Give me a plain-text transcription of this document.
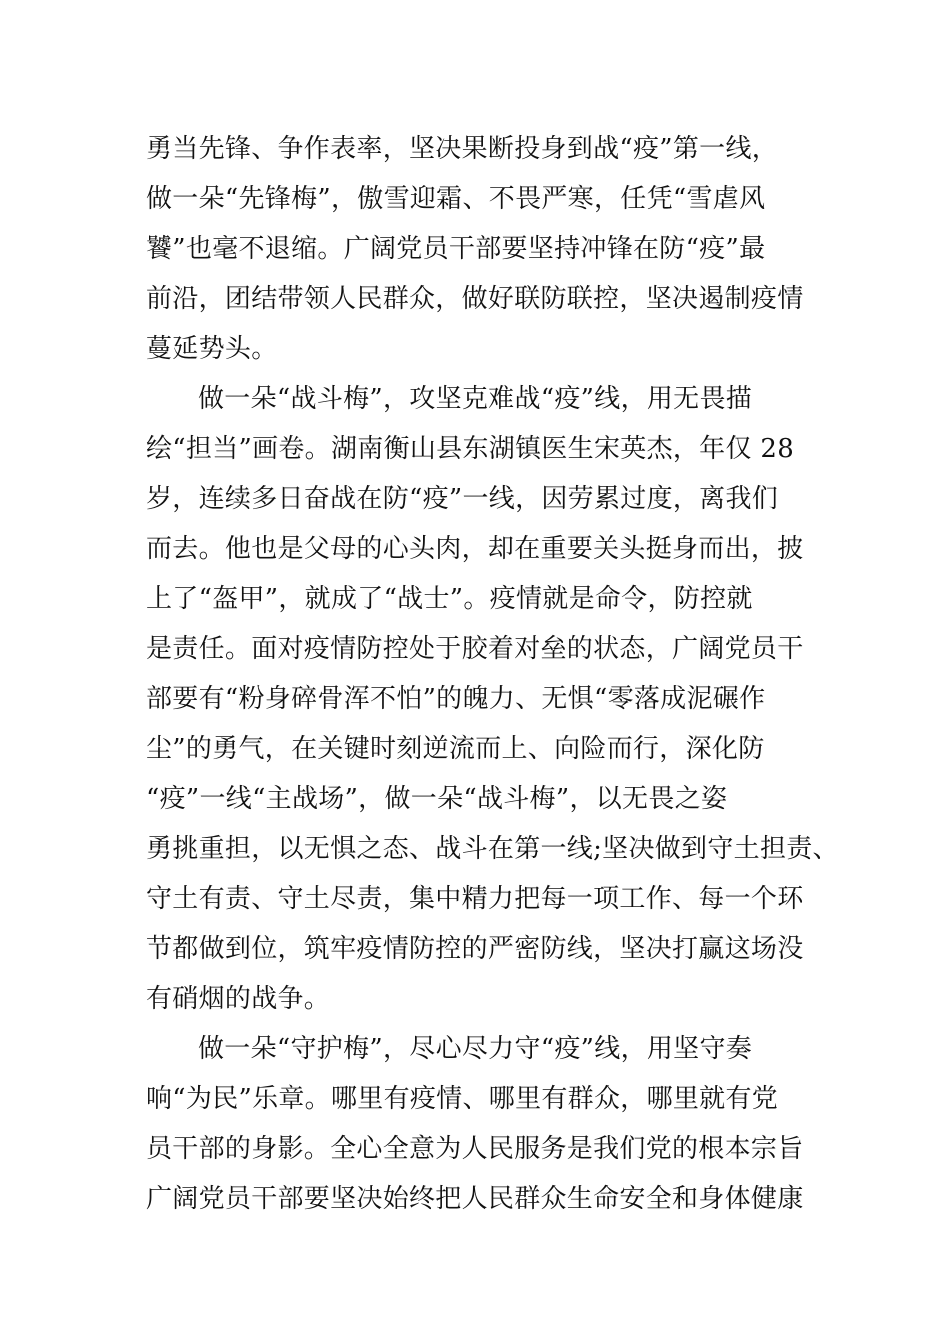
勇当先锋、争作表率，坚决果断投身到战“疫”第一线，
做一朵“先锋梅”，傲雪迎霜、不畏严寒，任凭“雪虐风
饕”也毫不退缩。广阔党员干部要坚持冲锋在防“疫”最
前沿，团结带领人民群众，做好联防联控，坚决遏制疫情
蔓延势头。
做一朵“战斗梅”，攻坚克难战“疫”线，用无畏描
绘“担当”画卷。湖南衡山县东湖镇医生宋英杰，年仅 28
岁，连续多日奋战在防“疫”一线，因劳累过度，离我们
而去。他也是父母的心头肉，却在重要关头挺身而出，披
上了“盔甲”，就成了“战士”。疫情就是命令，防控就
是责任。面对疫情防控处于胶着对垒的状态，广阔党员干
部要有“粉身碎骨浑不怕”的魄力、无惧“零落成泥碾作
尘”的勇气，在关键时刻逆流而上、向险而行，深化防
“疫”一线“主战场”，做一朵“战斗梅”，以无畏之姿
勇挑重担，以无惧之态、战斗在第一线;坚决做到守土担责、
守土有责、守土尽责，集中精力把每一项工作、每一个环
节都做到位，筑牢疫情防控的严密防线，坚决打赢这场没
有硝烟的战争。
做一朵“守护梅”，尽心尽力守“疫”线，用坚守奏
响“为民”乐章。哪里有疫情、哪里有群众，哪里就有党
员干部的身影。全心全意为人民服务是我们党的根本宗旨
广阔党员干部要坚决始终把人民群众生命安全和身体健康
